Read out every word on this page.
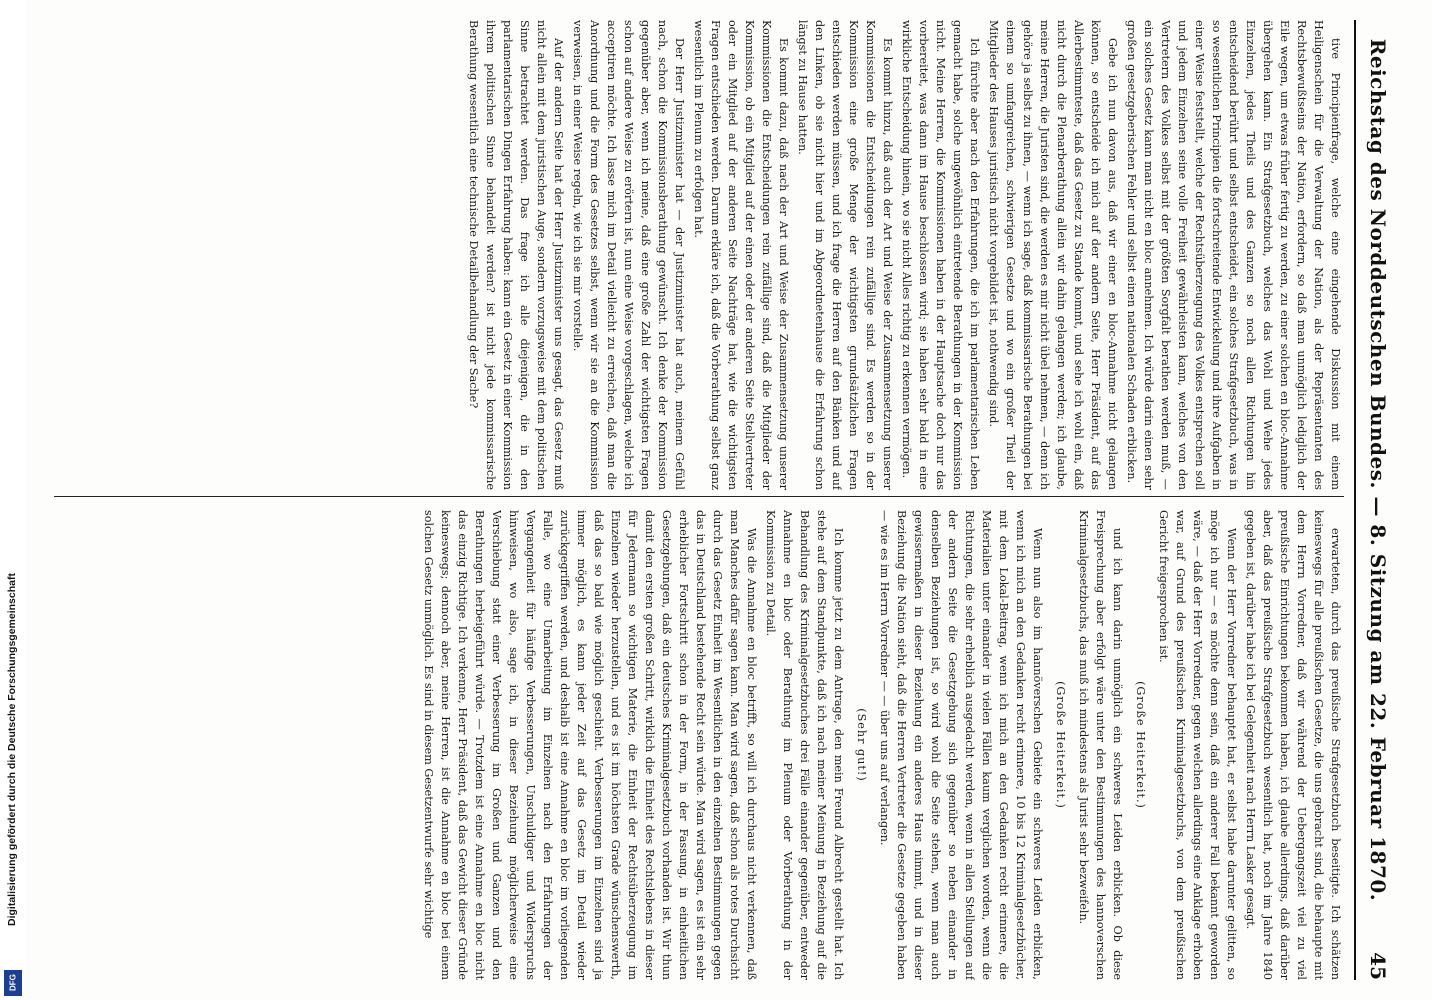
Digitalisierung gefördert durch die Deutsche Forschungsgemeinschaft
DFG
Reichstag des Norddeutschen Bundes. — 8. Sitzung am 22. Februar 1870.
45

tive Principienfrage, welche eine eingehende Diskussion mit einem Heiligenschein für die Verwaltung der Nation, als der Repräsentanten des Rechtsbewußtseins der Nation, erfordern, so daß man unmöglich lediglich der Eile wegen, um etwas früher fertig zu werden, zu einer solchen en bloc-Annahme übergehen kann. Ein Strafgesetzbuch, welches das Wohl und Wehe jedes Einzelnen, jedes Theils und des Ganzen so noch allen Richtungen hin entscheidend berührt und selbst entscheidet, ein solches Strafgesetzbuch, was in so wesentlichen Principien die fortschreitende Entwickelung und ihre Aufgaben in einer Weise feststellt, welche der Rechtsüberzeugung des Volkes entsprechen soll und jedem Einzelnen seine volle Freiheit gewährleisten kann, welches von den Vertretern des Volkes selbst mit der größten Sorgfalt berathen werden muß, — ein solches Gesetz kann man nicht en bloc annehmen. Ich würde darin einen sehr großen gesetzgeberischen Fehler und selbst einen nationalen Schaden erblicken.

Gebe ich nun davon aus, daß wir einer en bloc-Annahme nicht gelangen können, so entscheide ich mich auf der andern Seite, Herr Präsident, auf das Allerbestimmteste, daß das Gesetz zu Stande kommt, und sehe ich wohl ein, daß nicht durch die Plenarberathung allein wir dahin gelangen werden; ich glaube, meine Herren, die Juristen sind, die werden es mir nicht übel nehmen, — denn ich gehöre ja selbst zu ihnen, — wenn ich sage, daß kommissarische Berathungen bei einem so umfangreichen, schwierigen Gesetze und wo ein großer Theil der Mitglieder des Hauses juristisch nicht vorgebildet ist, nothwendig sind.

Ich fürchte aber nach den Erfahrungen, die ich im parlamentarischen Leben gemacht habe, solche ungewöhnlich eintretende Berathungen in der Kommission nicht. Meine Herren, die Kommissionen haben in der Hauptsache doch nur das vorbereitet, was dann im Hause beschlossen wird; sie haben sehr bald in eine wirkliche Entscheidung hinein, wo sie nicht Alles richtig zu erkennen vermögen.

Es kommt hinzu, daß auch der Art und Weise der Zusammensetzung unserer Kommissionen die Entscheidungen rein zufällige sind. Es werden so in der Kommission eine große Menge der wichtigsten grundsätzlichen Fragen entschieden werden müssen, und ich frage die Herren auf den Bänken und auf den Linken, ob sie nicht hier und im Abgeordnetenhause die Erfahrung schon längst zu Hause hatten.

Es kommt dazu, daß nach der Art und Weise der Zusammensetzung unserer Kommissionen die Entscheidungen rein zufällige sind, daß die Mitglieder der Kommission, ob ein Mitglied auf der einen oder der anderen Seite Stellvertreter oder ein Mitglied auf der anderen Seite Nachträge hat, wie die wichtigsten Fragen entschieden werden. Darum erkläre ich, daß die Vorberathung selbst ganz wesentlich im Plenum zu erfolgen hat.

Der Herr Justizminister hat — der Justizminister hat auch, meinem Gefühl nach, schon die Kommissionsberathung gewünscht. Ich denke der Kommission gegenüber aber, wenn ich meine, daß eine große Zahl der wichtigsten Fragen schon auf andere Weise zu erörtern ist, nun eine Weise vorgeschlagen, welche ich acceptiren möchte. Ich lasse mich im Detail vielleicht zu erreichen, daß man die Anordnung und die Form des Gesetzes selbst, wenn wir sie an die Kommission verweisen, in einer Weise regeln, wie ich sie mir vorstelle.

Auf der andern Seite hat der Herr Justizminister uns gesagt, das Gesetz muß nicht allein mit dem juristischen Auge, sondern vorzugsweise mit dem politischen Sinne betrachtet werden. Das frage ich alle diejenigen, die in den parlamentarischen Dingen Erfahrung haben: kann ein Gesetz in einer Kommission ihrem politischen Sinne behandelt werden? ist nicht jede kommissarische Berathung wesentlich eine technische Detailbehandlung der Sache?

erwarteten, durch das preußische Strafgesetzbuch beseitigte. Ich schätzen keineswegs für alle preußischen Gesetze, die uns gebracht sind, die behaupte mit dem Herrn Vorredner, daß wir während der Uebergangszeit viel zu viel preußische Einrichtungen bekommen haben, ich glaube allerdings, daß darüber aber, daß das preußische Strafgesetzbuch wesentlich hat, noch im Jahre 1840 gegeben ist, darüber habe ich bei Gelegenheit nach Herrn Lasker gesagt.

Wenn der Herr Vorredner behauptet hat, er selbst habe darunter gelitten, so möge ich nur — es möchte denn sein, daß ein anderer Fall bekannt geworden wäre, — daß der Herr Vorredner, gegen welchen allerdings eine Anklage erhoben war, auf Grund des preußischen Kriminalgesetzbuchs, von dem preußischen Gericht freigesprochen ist.

(Große Heiterkeit.)

und ich kann darin unmöglich ein schweres Leiden erblicken. Ob diese Freisprechung aber erfolgt wäre unter den Bestimmungen des hannoverschen Kriminalgesetzbuchs, das muß ich mindestens als Jurist sehr bezweifeln.

(Große Heiterkeit.)

Wenn nun also im hannöverschen Gebiete ein schweres Leiden erblicken, wenn ich mich an den Gedanken recht erinnere, 10 bis 12 Kriminalgesetzbücher, mit dem Lokal-Beitrag, wenn ich mich an den Gedanken recht erinnere, die Materialien unter einander in vielen Fällen kaum verglichen worden, wenn die Richtungen, die sehr erheblich ausgedacht werden, wenn in allen Stellungen auf der andern Seite die Gesetzgebung sich gegenüber so neben einander in denselben Beziehungen ist, so wird wohl die Seite stehen, wenn man auch gewissermaßen in dieser Beziehung ein anderes Haus nimmt, und in dieser Beziehung die Nation sieht, daß die Herren Vertreter die Gesetze gegeben haben — wie es im Herrn Vorredner — — über uns auf verlangen.

(Sehr gut!)

Ich komme jetzt zu dem Antrage, den mein Freund Albrecht gestellt hat. Ich stehe auf dem Standpunkte, daß ich nach meiner Meinung in Beziehung auf die Behandlung des Kriminalgesetzbuches drei Fälle einander gegenüber, entweder Annahme en bloc oder Berathung im Plenum oder Vorberathung in der Kommission zu Detail.

Was die Annahme en bloc betrifft, so will ich durchaus nicht verkennen, daß man Manches dafür sagen kann. Man wird sagen, daß schon als rotes Durchsicht durch das Gesetz Einheit im Wesentlichen in den einzelnen Bestimmungen gegen das in Deutschland bestehende Recht sein würde. Man wird sagen, es ist ein sehr erheblicher Fortschritt schon in der Form, in der Fassung, in einheitlichen Gesetzgebungen, daß ein deutsches Kriminalgesetzbuch vorhanden ist. Wir thun damit den ersten großen Schritt, wirklich die Einheit des Rechtslebens in dieser für Jedermann so wichtigen Materie, die Einheit der Rechtsüberzeugung im Einzelnen wieder herzustellen, und es ist im höchsten Grade wünschenswerth, daß das so bald wie möglich geschieht. Verbesserungen im Einzelnen sind ja immer möglich, es kann jeder Zeit auf das Gesetz im Detail wieder zurückgegriffen werden, und deshalb ist eine Annahme en bloc im vorliegenden Falle, wo eine Umarbeitung im Einzelnen nach den Erfahrungen der Vergangenheit für häufige Verbesserungen, Unschuldiger und Widerspruchs hinweisen, wo also, sage ich, in dieser Beziehung möglicherweise eine Verschiebung statt einer Verbesserung im Großen und Ganzen und den Berathungen herbeigeführt würde. — Trotzdem ist eine Annahme en bloc nicht das einzig Richtige. Ich verkenne, Herr Präsident, daß das Gewicht dieser Gründe keineswegs; dennoch aber, meine Herren, ist die Annahme en bloc bei einem solchen Gesetz unmöglich. Es sind in diesem Gesetzentwurfe sehr wichtige
